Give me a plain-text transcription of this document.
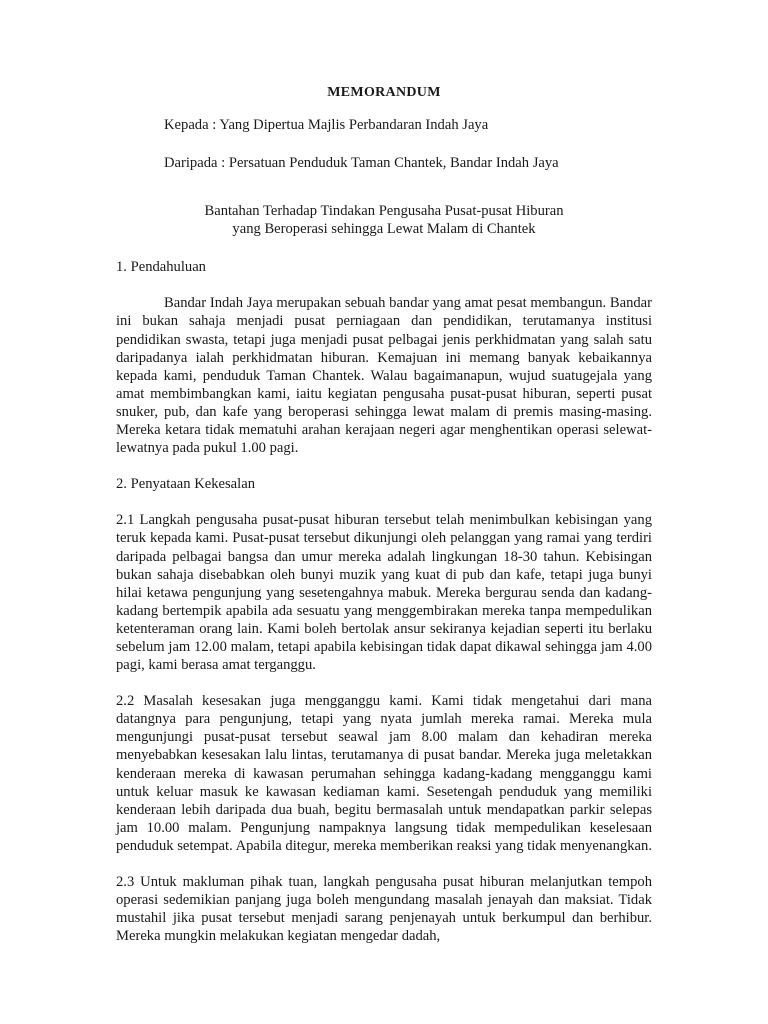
MEMORANDUM
Kepada : Yang Dipertua Majlis Perbandaran Indah Jaya
Daripada : Persatuan Penduduk Taman Chantek, Bandar Indah Jaya
Bantahan Terhadap Tindakan Pengusaha Pusat-pusat Hiburan
yang Beroperasi sehingga Lewat Malam di Chantek
1. Pendahuluan
Bandar Indah Jaya merupakan sebuah bandar yang amat pesat membangun. Bandar ini bukan sahaja menjadi pusat perniagaan dan pendidikan, terutamanya institusi pendidikan swasta, tetapi juga menjadi pusat pelbagai jenis perkhidmatan yang salah satu daripadanya ialah perkhidmatan hiburan. Kemajuan ini memang banyak kebaikannya kepada kami, penduduk Taman Chantek. Walau bagaimanapun, wujud suatugejala yang amat membimbangkan kami, iaitu kegiatan pengusaha pusat-pusat hiburan, seperti pusat snuker, pub, dan kafe yang beroperasi sehingga lewat malam di premis masing-masing. Mereka ketara tidak mematuhi arahan kerajaan negeri agar menghentikan operasi selewat-lewatnya pada pukul 1.00 pagi.
2. Penyataan Kekesalan
2.1 Langkah pengusaha pusat-pusat hiburan tersebut telah menimbulkan kebisingan yang teruk kepada kami. Pusat-pusat tersebut dikunjungi oleh pelanggan yang ramai yang terdiri daripada pelbagai bangsa dan umur mereka adalah lingkungan 18-30 tahun. Kebisingan bukan sahaja disebabkan oleh bunyi muzik yang kuat di pub dan kafe, tetapi juga bunyi hilai ketawa pengunjung yang sesetengahnya mabuk. Mereka bergurau senda dan kadang-kadang bertempik apabila ada sesuatu yang menggembirakan mereka tanpa mempedulikan ketenteraman orang lain. Kami boleh bertolak ansur sekiranya kejadian seperti itu berlaku sebelum jam 12.00 malam, tetapi apabila kebisingan tidak dapat dikawal sehingga jam 4.00 pagi, kami berasa amat terganggu.
2.2 Masalah kesesakan juga mengganggu kami. Kami tidak mengetahui dari mana datangnya para pengunjung, tetapi yang nyata jumlah mereka ramai. Mereka mula mengunjungi pusat-pusat tersebut seawal jam 8.00 malam dan kehadiran mereka menyebabkan kesesakan lalu lintas, terutamanya di pusat bandar. Mereka juga meletakkan kenderaan mereka di kawasan perumahan sehingga kadang-kadang mengganggu kami untuk keluar masuk ke kawasan kediaman kami. Sesetengah penduduk yang memiliki kenderaan lebih daripada dua buah, begitu bermasalah untuk mendapatkan parkir selepas jam 10.00 malam. Pengunjung nampaknya langsung tidak mempedulikan keselesaan penduduk setempat. Apabila ditegur, mereka memberikan reaksi yang tidak menyenangkan.
2.3 Untuk makluman pihak tuan, langkah pengusaha pusat hiburan melanjutkan tempoh operasi sedemikian panjang juga boleh mengundang masalah jenayah dan maksiat. Tidak mustahil jika pusat tersebut menjadi sarang penjenayah untuk berkumpul dan berhibur. Mereka mungkin melakukan kegiatan mengedar dadah,
